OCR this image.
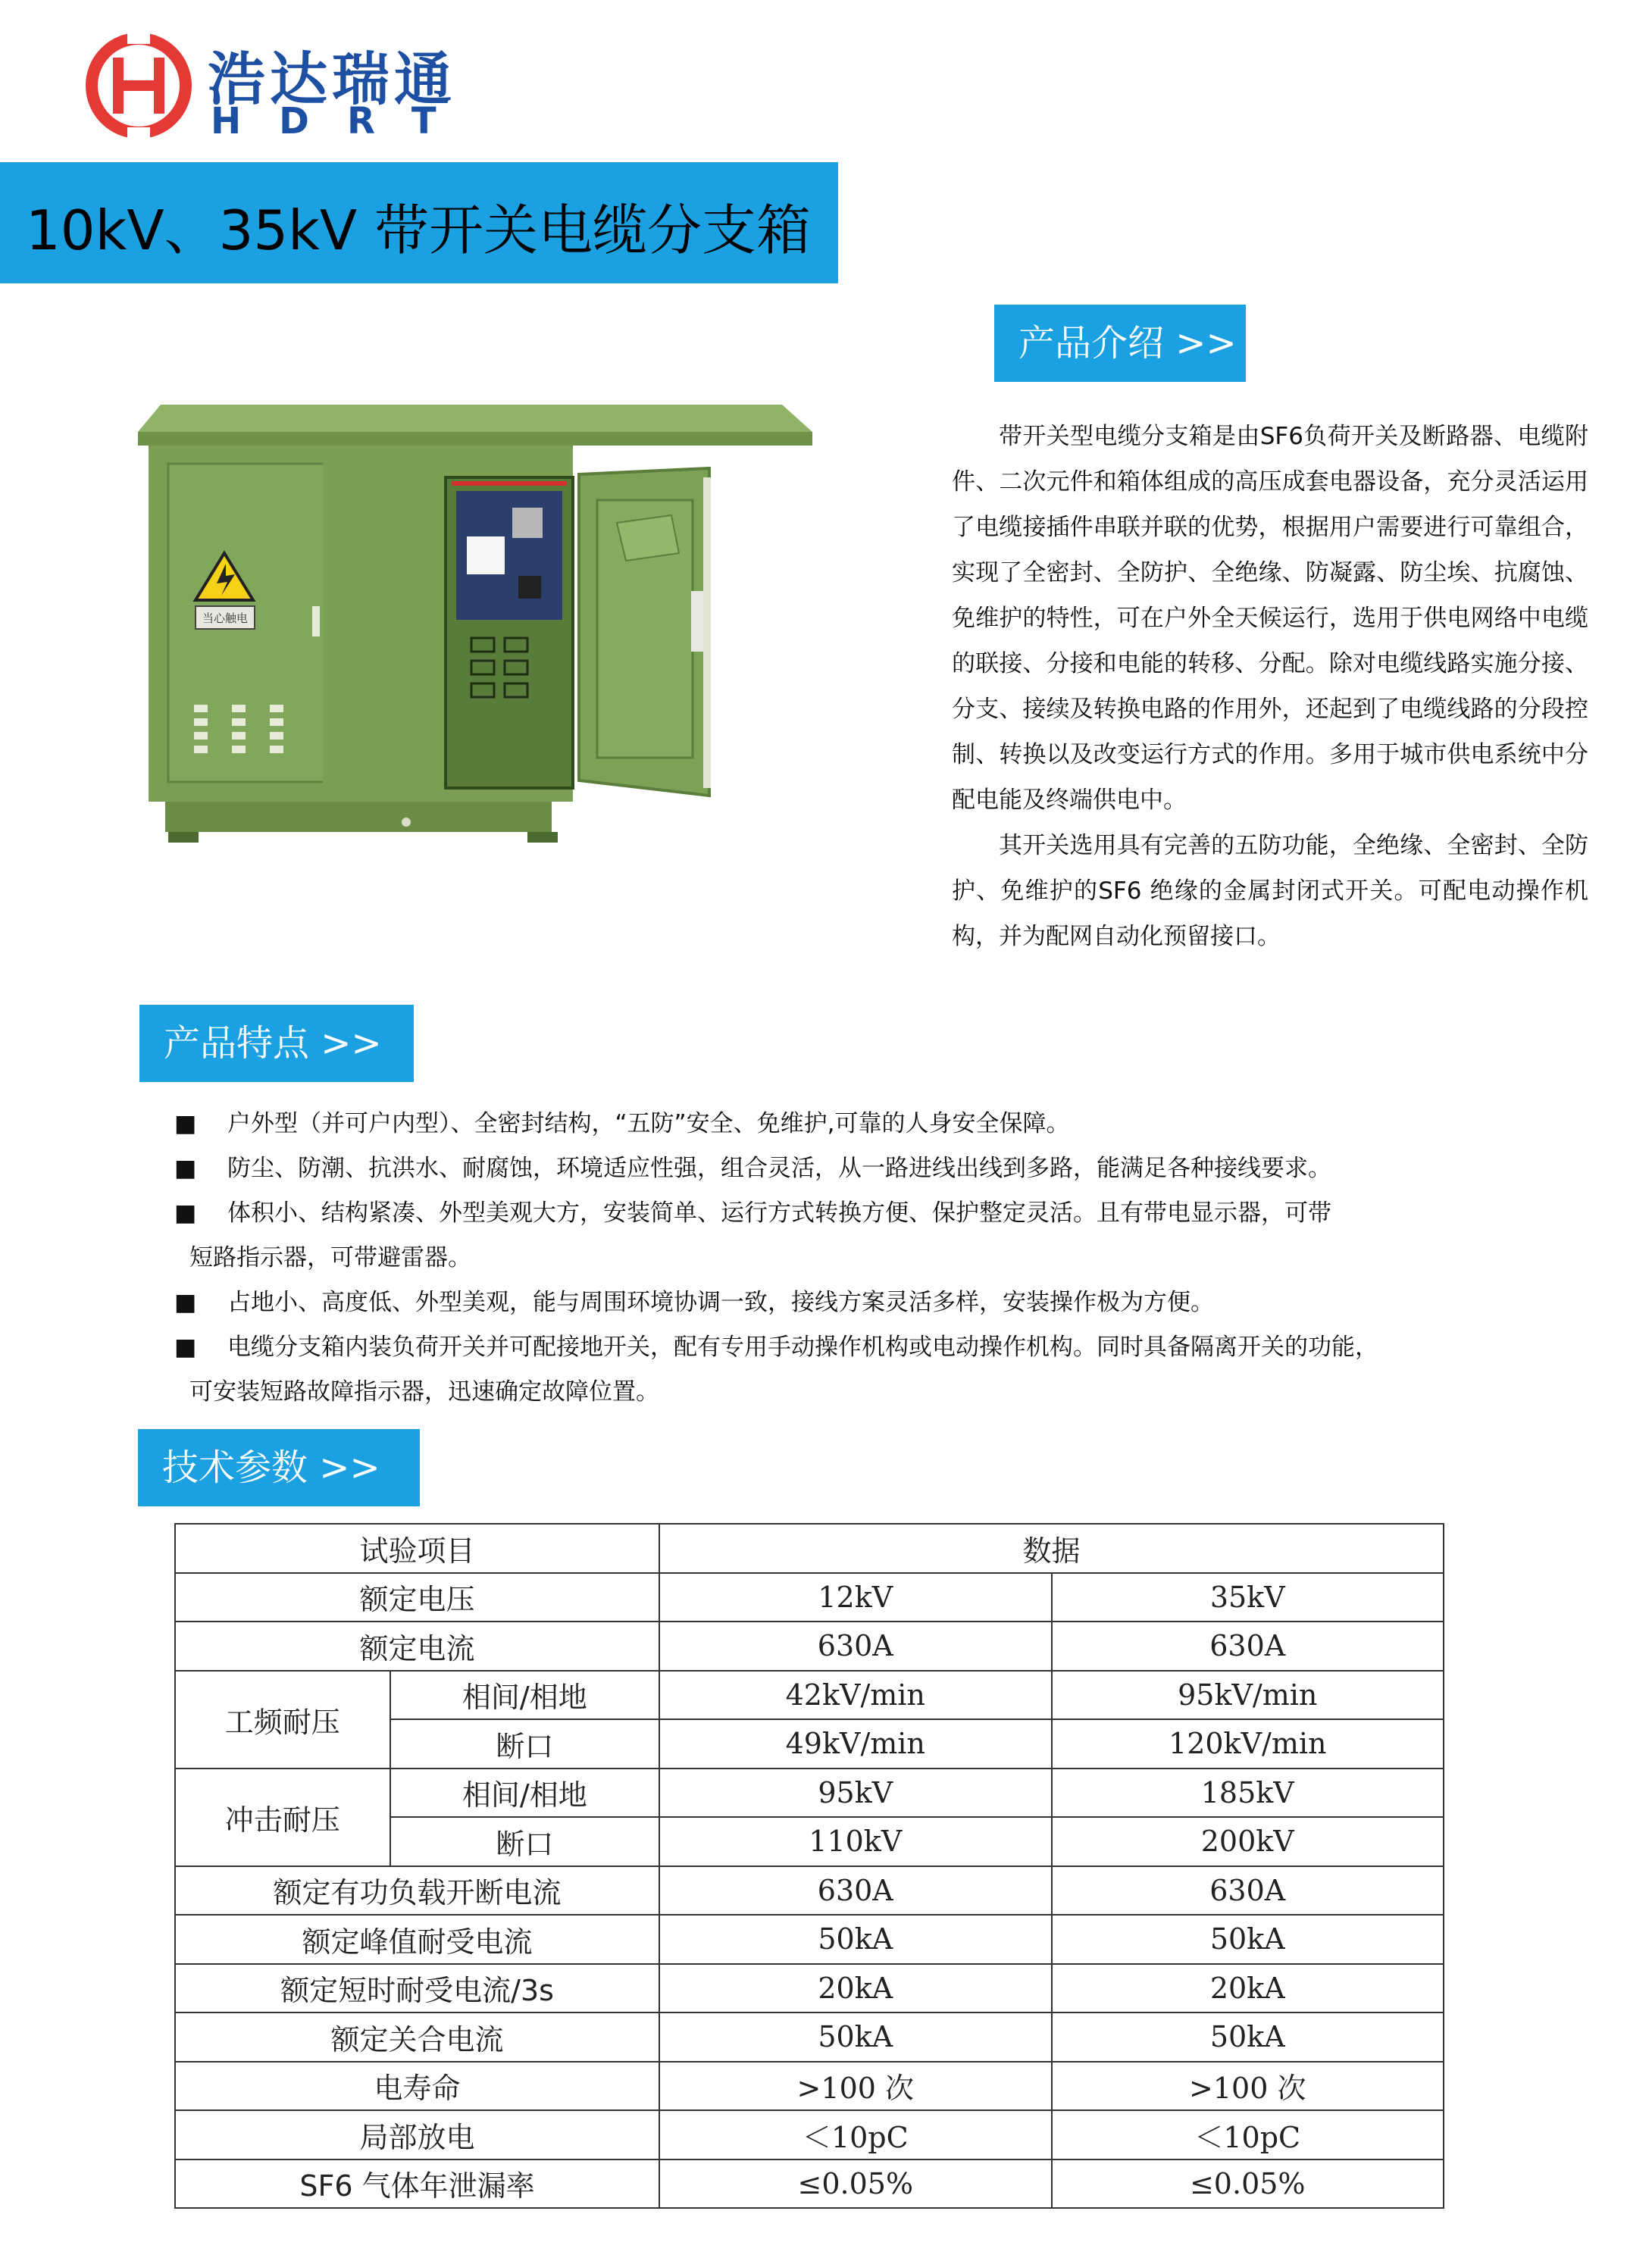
浩达瑞通
HDRT
10kV、35kV 带开关电缆分支箱
产品介绍 >>
产品特点 >>
技术参数 >>
当心触电

带开关型电缆分支箱是由SF6负荷开关及断路器、电缆附件、二次元件和箱体组成的高压成套电器设备，充分灵活运用了电缆接插件串联并联的优势，根据用户需要进行可靠组合，实现了全密封、全防护、全绝缘、防凝露、防尘埃、抗腐蚀、免维护的特性，可在户外全天候运行，选用于供电网络中电缆的联接、分接和电能的转移、分配。除对电缆线路实施分接、分支、接续及转换电路的作用外，还起到了电缆线路的分段控制、转换以及改变运行方式的作用。多用于城市供电系统中分配电能及终端供电中。

其开关选用具有完善的五防功能，全绝缘、全密封、全防护、免维护的SF6 绝缘的金属封闭式开关。可配电动操作机构，并为配网自动化预留接口。

■ 户外型（并可户内型）、全密封结构，“五防”安全、免维护,可靠的人身安全保障。
■ 防尘、防潮、抗洪水、耐腐蚀，环境适应性强，组合灵活，从一路进线出线到多路，能满足各种接线要求。
■ 体积小、结构紧凑、外型美观大方，安装简单、运行方式转换方便、保护整定灵活。且有带电显示器，可带
短路指示器，可带避雷器。
■ 占地小、高度低、外型美观，能与周围环境协调一致，接线方案灵活多样，安装操作极为方便。
■ 电缆分支箱内装负荷开关并可配接地开关，配有专用手动操作机构或电动操作机构。同时具备隔离开关的功能，
可安装短路故障指示器，迅速确定故障位置。
试验项目		数据	
额定电压		12kV	35kV
额定电流		630A	630A
工频耐压	相间/相地	42kV/min	95kV/min
	断口	49kV/min	120kV/min
冲击耐压	相间/相地	95kV	185kV
	断口	110kV	200kV
额定有功负载开断电流		630A	630A
额定峰值耐受电流		50kA	50kA
额定短时耐受电流/3s		20kA	20kA
额定关合电流		50kA	50kA
电寿命		>100 次	>100 次
局部放电		＜10pC	＜10pC
SF6 气体年泄漏率		≤0.05%	≤0.05%
